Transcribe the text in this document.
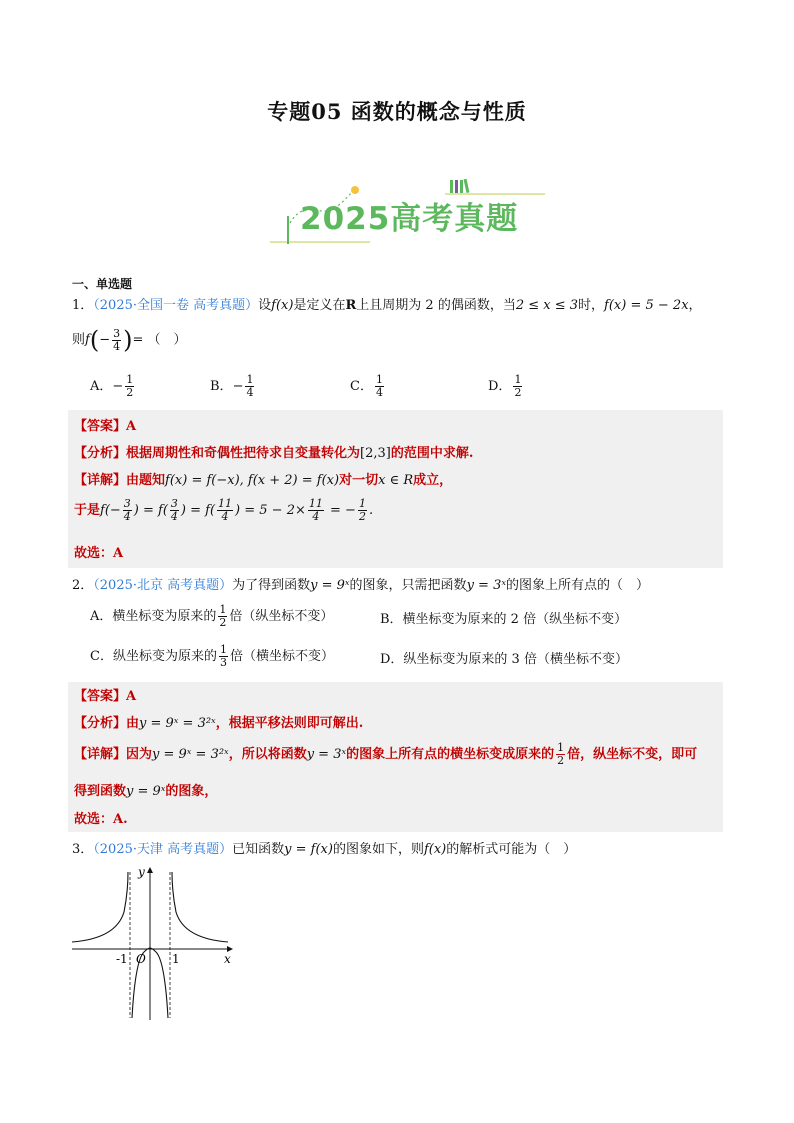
专题05 函数的概念与性质
2025高考真题
一、单选题
1．（2025·全国一卷 高考真题）设f(x)是定义在R上且周期为 2 的偶函数，当2 ≤ x ≤ 3时，f(x) = 5 − 2x，
则$f(- \frac{3}{4}$ )= （　）
A．− $\frac{1}{2}$	B．− $\frac{1}{4}$	C． $\frac{1}{4}$	D． $\frac{1}{2}$
【答案】A
【分析】根据周期性和奇偶性把待求自变量转化为[2,3]的范围中求解.
【详解】由题知f(x) = f(−x), f(x + 2) = f(x)对一切x ∈ R成立，
于是$f(- \frac{3}{4}$ ) = $f( \frac{3}{4}$ ) = $f( \frac{11}{4}$ ) = $5 - 2\times \frac{11}{4}$ = − $\frac{1}{2}$ .
故选：A
2．（2025·北京 高考真题）为了得到函数y = 9ˣ的图象，只需把函数y = 3ˣ的图象上所有点的（　）
A．横坐标变为原来的 $\frac{1}{2}$ 倍（纵坐标不变）	B．横坐标变为原来的 2 倍（纵坐标不变）
C．纵坐标变为原来的 $\frac{1}{3}$ 倍（横坐标不变）	D．纵坐标变为原来的 3 倍（横坐标不变）
【答案】A
【分析】由y = 9ˣ = 3²ˣ，根据平移法则即可解出.
【详解】因为y = 9ˣ = 3²ˣ，所以将函数y = 3ˣ的图象上所有点的横坐标变成原来的 $\frac{1}{2}$ 倍，纵坐标不变，即可
得到函数y = 9ˣ的图象，
故选：A.
3．（2025·天津 高考真题）已知函数y = f(x)的图象如下，则f(x)的解析式可能为（　）
y
x
O
-1	1
